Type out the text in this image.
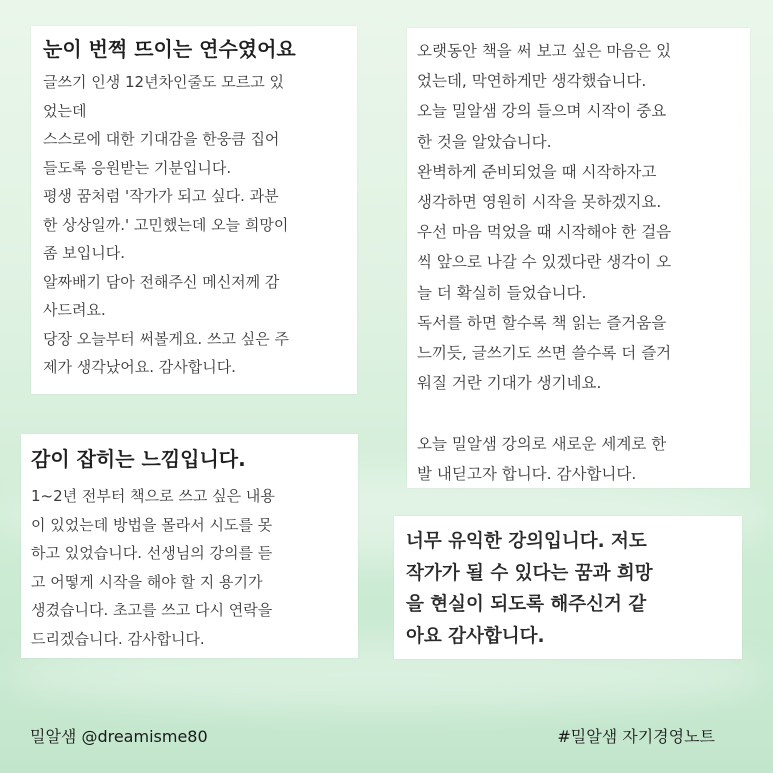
눈이 번쩍 뜨이는 연수였어요
글쓰기 인생 12년차인줄도 모르고 있
었는데
스스로에 대한 기대감을 한웅큼 집어
들도록 응원받는 기분입니다.
평생 꿈처럼 '작가가 되고 싶다. 과분
한 상상일까.' 고민했는데 오늘 희망이
좀 보입니다.
알짜배기 담아 전해주신 메신저께 감
사드려요.
당장 오늘부터 써볼게요. 쓰고 싶은 주
제가 생각났어요. 감사합니다.
오랫동안 책을 써 보고 싶은 마음은 있
었는데, 막연하게만 생각했습니다.
오늘 밀알샘 강의 들으며 시작이 중요
한 것을 알았습니다.
완벽하게 준비되었을 때 시작하자고
생각하면 영원히 시작을 못하겠지요.
우선 마음 먹었을 때 시작해야 한 걸음
씩 앞으로 나갈 수 있겠다란 생각이 오
늘 더 확실히 들었습니다.
독서를 하면 할수록 책 읽는 즐거움을
느끼듯, 글쓰기도 쓰면 쓸수록 더 즐거
워질 거란 기대가 생기네요.

오늘 밀알샘 강의로 새로운 세계로 한
발 내딛고자 합니다. 감사합니다.
감이 잡히는 느낌입니다.
1~2년 전부터 책으로 쓰고 싶은 내용
이 있었는데 방법을 몰라서 시도를 못
하고 있었습니다. 선생님의 강의를 듣
고 어떻게 시작을 해야 할 지 용기가
생겼습니다. 초고를 쓰고 다시 연락을
드리겠습니다. 감사합니다.
너무 유익한 강의입니다. 저도
작가가 될 수 있다는 꿈과 희망
을 현실이 되도록 해주신거 같
아요 감사합니다.
밀알샘 @dreamisme80	#밀알샘 자기경영노트
